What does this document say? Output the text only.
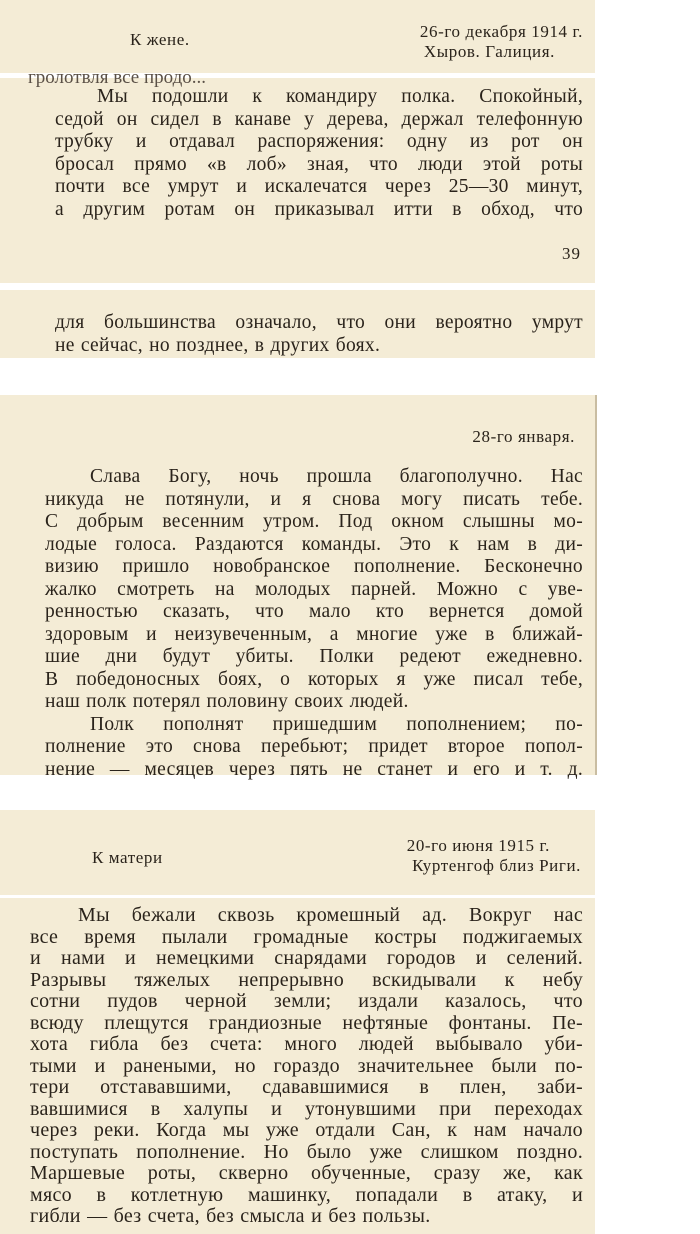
К жене.	26-го декабря 1914 г.
Хыров. Галиция.
гролотвля все продо...
Мы подошли к командиру полка. Спокойный,
седой он сидел в канаве у дерева, держал телефонную
трубку и отдавал распоряжения: одну из рот он
бросал прямо «в лоб» зная, что люди этой роты
почти все умрут и искалечатся через 25—30 минут,
а другим ротам он приказывал итти в обход, что
39
для большинства означало, что они вероятно умрут
не сейчас, но позднее, в других боях.
28-го января.
Слава Богу, ночь прошла благополучно. Нас
никуда не потянули, и я снова могу писать тебе.
С добрым весенним утром. Под окном слышны мо-
лодые голоса. Раздаются команды. Это к нам в ди-
визию пришло новобранское пополнение. Бесконечно
жалко смотреть на молодых парней. Можно с уве-
ренностью сказать, что мало кто вернется домой
здоровым и неизувеченным, а многие уже в ближай-
шие дни будут убиты. Полки редеют ежедневно.
В победоносных боях, о которых я уже писал тебе,
наш полк потерял половину своих людей.
Полк пополнят пришедшим пополнением; по-
полнение это снова перебьют; придет второе попол-
нение — месяцев через пять не станет и его и т. д.
К матери
20-го июня 1915 г.
Куртенгоф близ Риги.
Мы бежали сквозь кромешный ад. Вокруг нас
все время пылали громадные костры поджигаемых
и нами и немецкими снарядами городов и селений.
Разрывы тяжелых непрерывно вскидывали к небу
сотни пудов черной земли; издали казалось, что
всюду плещутся грандиозные нефтяные фонтаны. Пе-
хота гибла без счета: много людей выбывало уби-
тыми и ранеными, но гораздо значительнее были по-
тери отстававшими, сдававшимися в плен, заби-
вавшимися в халупы и утонувшими при переходах
через реки. Когда мы уже отдали Сан, к нам начало
поступать пополнение. Но было уже слишком поздно.
Маршевые роты, скверно обученные, сразу же, как
мясо в котлетную машинку, попадали в атаку, и
гибли — без счета, без смысла и без пользы.
